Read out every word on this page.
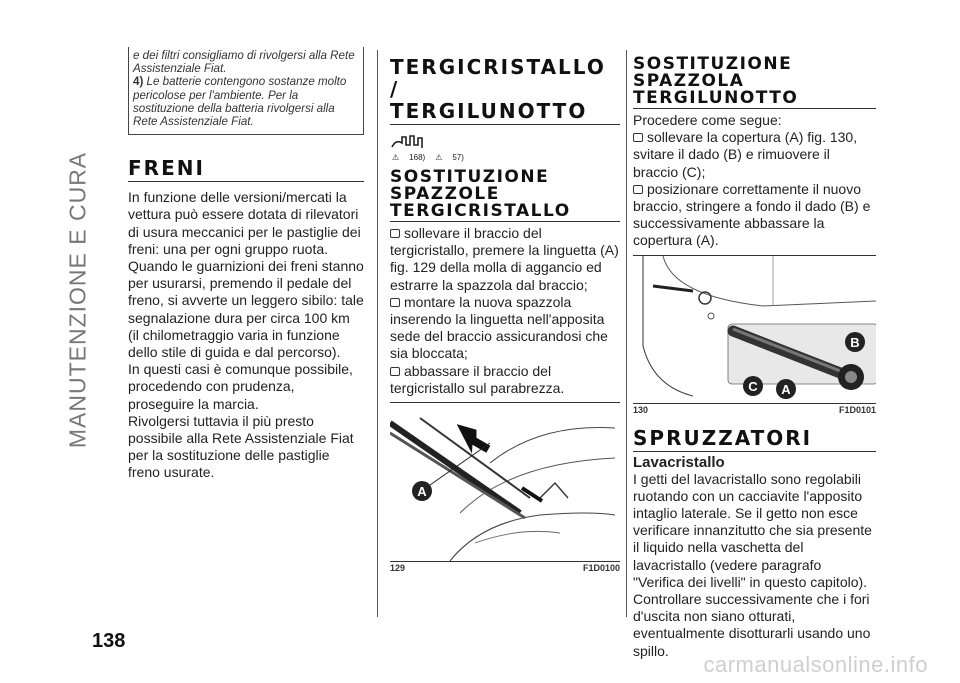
MANUTENZIONE E CURA
138
carmanualsonline.info

e dei filtri consigliamo di rivolgersi alla Rete Assistenziale Fiat.

4) Le batterie contengono sostanze molto pericolose per l'ambiente. Per la sostituzione della batteria rivolgersi alla Rete Assistenziale Fiat.

FRENI

In funzione delle versioni/mercati la vettura può essere dotata di rilevatori di usura meccanici per le pastiglie dei freni: una per ogni gruppo ruota. Quando le guarnizioni dei freni stanno per usurarsi, premendo il pedale del freno, si avverte un leggero sibilo: tale segnalazione dura per circa 100 km (il chilometraggio varia in funzione dello stile di guida e dal percorso).

In questi casi è comunque possibile, procedendo con prudenza, proseguire la marcia.

Rivolgersi tuttavia il più presto possibile alla Rete Assistenziale Fiat per la sostituzione delle pastiglie freno usurate.

TERGICRISTALLO /
TERGILUNOTTO
⚠ 168) ⚠ 57)
SOSTITUZIONE
SPAZZOLE
TERGICRISTALLO

sollevare il braccio del tergicristallo, premere la linguetta (A) fig. 129 della molla di aggancio ed estrarre la spazzola dal braccio;

montare la nuova spazzola inserendo la linguetta nell'apposita sede del braccio assicurandosi che sia bloccata;

abbassare il braccio del tergicristallo sul parabrezza.

A
129	F1D0100
SOSTITUZIONE
SPAZZOLA
TERGILUNOTTO

Procedere come segue:

sollevare la copertura (A) fig. 130, svitare il dado (B) e rimuovere il braccio (C);

posizionare correttamente il nuovo braccio, stringere a fondo il dado (B) e successivamente abbassare la copertura (A).

B
C A
130	F1D0101
SPRUZZATORI
Lavacristallo

I getti del lavacristallo sono regolabili ruotando con un cacciavite l'apposito intaglio laterale. Se il getto non esce verificare innanzitutto che sia presente il liquido nella vaschetta del lavacristallo (vedere paragrafo "Verifica dei livelli" in questo capitolo). Controllare successivamente che i fori d'uscita non siano otturati, eventualmente disotturarli usando uno spillo.
